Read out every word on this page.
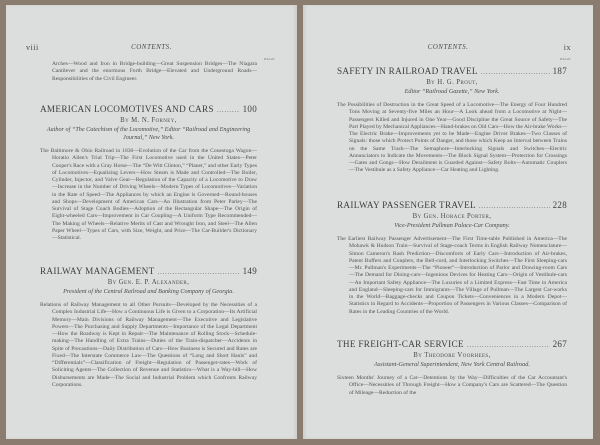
viii	CONTENTS.
PAGE
Arches—Wood and Iron in Bridge-building—Great Suspension Bridges—The Niagara Cantilever and the enormous Forth Bridge—Elevated and Underground Roads—Responsibilities of the Civil Engineer.
AMERICAN LOCOMOTIVES AND CARS . . .	100
By M. N. Forney,
Author of “The Catechism of the Locomotive,” Editor “Railroad and Engineering Journal,” New York.
The Baltimore & Ohio Railroad in 1830—Evolution of the Car from the Conestoga Wagon—Horatio Allen's Trial Trip—The First Locomotive used in the United States—Peter Cooper's Race with a Gray Horse—The “De Witt Clinton,” “Planet,” and other Early Types of Locomotives—Equalizing Levers—How Steam is Made and Controlled—The Boiler, Cylinder, Injector, and Valve Gear—Regulation of the Capacity of a Locomotive to Draw—Increase in the Number of Driving Wheels—Modern Types of Locomotives—Variation in the Rate of Speed—The Appliances by which an Engine is Governed—Round-houses and Shops—Development of American Cars—An Illustration from Peter Parley—The Survival of Stage Coach Bodies—Adoption of the Rectangular Shape—The Origin of Eight-wheeled Cars—Improvement in Car Coupling—A Uniform Type Recommended—The Making of Wheels—Relative Merits of Cast and Wrought Iron, and Steel—The Allen Paper Wheel—Types of Cars, with Size, Weight, and Price—The Car-Builder's Dictionary—Statistical.
RAILWAY MANAGEMENT . . .	149
By Gen. E. P. Alexander,
President of the Central Railroad and Banking Company of Georgia.
Relations of Railway Management to all Other Pursuits—Developed by the Necessities of a Complex Industrial Life—How a Continuous Life is Given to a Corporation—Its Artificial Memory—Main Divisions of Railway Management—The Executive and Legislative Powers—The Purchasing and Supply Departments—Importance of the Legal Department—How the Roadway is Kept in Repair—The Maintenance of Rolling Stock—Schedule-making—The Handling of Extra Trains—Duties of the Train-dispatcher—Accidents in Spite of Precautions—Daily Distribution of Cars—How Business is Secured and Rates are Fixed—The Interstate Commerce Law—The Questions of “Long and Short Hauls” and “Differentials”—Classification of Freight—Regulation of Passenger-rates—Work of Soliciting Agents—The Collection of Revenue and Statistics—What is a Way-bill—How Disbursements are Made—The Social and Industrial Problem which Confronts Railway Corporations.
CONTENTS.	ix
PAGE
SAFETY IN RAILROAD TRAVEL . . .	187
By H. G. Prout,
Editor “Railroad Gazette,” New York.
The Possibilities of Destruction in the Great Speed of a Locomotive—The Energy of Four Hundred Tons Moving at Seventy-five Miles an Hour—A Look ahead from a Locomotive at Night—Passengers Killed and Injured in One Year—Good Discipline the Great Source of Safety—The Part Played by Mechanical Appliances—Hand-brakes on Old Cars—How the Air-brake Works—The Electric Brake—Improvements yet to be Made—Engine Driver Brakes—Two Classes of Signals: those which Protect Points of Danger, and those which Keep an Interval between Trains on the Same Track—The Semaphore—Interlocking Signals and Switches—Electric Annunciators to Indicate the Movements—The Block Signal System—Protection for Crossings—Gates and Gongs—How Derailment is Guarded Against—Safety Bolts—Automatic Couplers—The Vestibule as a Safety Appliance—Car Heating and Lighting.
RAILWAY PASSENGER TRAVEL . . .	228
By Gen. Horace Porter,
Vice-President Pullman Palace-Car Company.
The Earliest Railway Passenger Advertisement—The First Time-table Published in America—The Mohawk & Hudson Train—Survival of Stage-coach Terms in English Railway Nomenclature—Simon Cameron's Rash Prediction—Discomforts of Early Cars—Introduction of Air-brakes, Patent Buffers and Couplers, the Bell-cord, and Interlocking Switches—The First Sleeping-cars—Mr. Pullman's Experiments—The “Pioneer”—Introduction of Parlor and Drawing-room Cars—The Demand for Dining-cars—Ingenious Devices for Heating Cars—Origin of Vestibule-cars—An Important Safety Appliance—The Luxuries of a Limited Express—Fast Time in America and England—Sleeping-cars for Immigrants—The Village of Pullman—The Largest Car-works in the World—Baggage-checks and Coupon Tickets—Conveniences in a Modern Depot—Statistics in Regard to Accidents—Proportion of Passengers in Various Classes—Comparison of Rates in the Leading Countries of the World.
THE FREIGHT-CAR SERVICE . . .	267
By Theodore Voorhees,
Assistant-General Superintendent, New York Central Railroad.
Sixteen Months' Journey of a Car—Detentions by the Way—Difficulties of the Car Accountant's Office—Necessities of Through Freight—How a Company's Cars are Scattered—The Question of Mileage—Reduction of the
